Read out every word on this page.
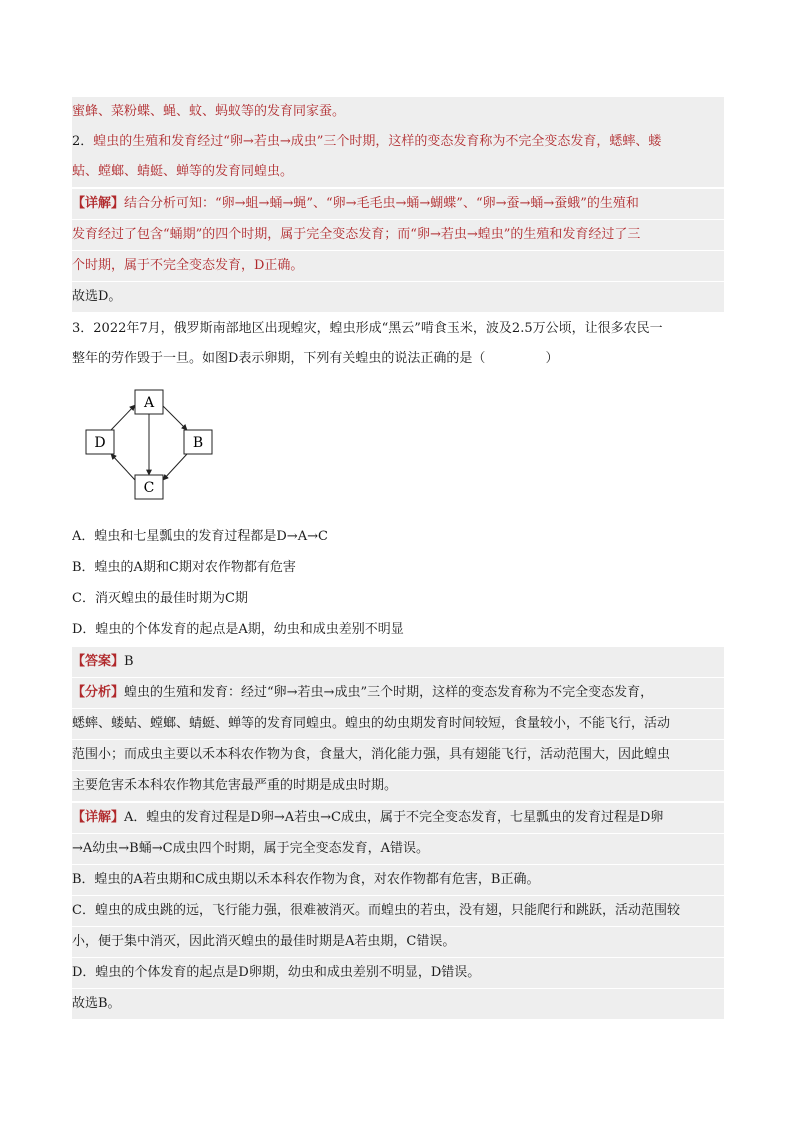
蜜蜂、菜粉蝶、蝇、蚊、蚂蚁等的发育同家蚕。
2．蝗虫的生殖和发育经过“卵→若虫→成虫”三个时期，这样的变态发育称为不完全变态发育，蟋蟀、蝼
蛄、螳螂、蜻蜓、蝉等的发育同蝗虫。
【详解】结合分析可知：“卵→蛆→蛹→蝇”、“卵→毛毛虫→蛹→蝴蝶”、“卵→蚕→蛹→蚕蛾”的生殖和
发育经过了包含“蛹期”的四个时期，属于完全变态发育；而“卵→若虫→蝗虫”的生殖和发育经过了三
个时期，属于不完全变态发育，D正确。
故选D。
3．2022年7月，俄罗斯南部地区出现蝗灾，蝗虫形成“黑云”啃食玉米，波及2.5万公顷，让很多农民一
整年的劳作毁于一旦。如图D表示卵期，下列有关蝗虫的说法正确的是（	）
A
B
C
D
A．蝗虫和七星瓢虫的发育过程都是D→A→C
B．蝗虫的A期和C期对农作物都有危害
C．消灭蝗虫的最佳时期为C期
D．蝗虫的个体发育的起点是A期，幼虫和成虫差别不明显
【答案】B
【分析】蝗虫的生殖和发育：经过“卵→若虫→成虫”三个时期，这样的变态发育称为不完全变态发育，
蟋蟀、蝼蛄、螳螂、蜻蜓、蝉等的发育同蝗虫。蝗虫的幼虫期发育时间较短，食量较小，不能飞行，活动
范围小；而成虫主要以禾本科农作物为食，食量大，消化能力强，具有翅能飞行，活动范围大，因此蝗虫
主要危害禾本科农作物其危害最严重的时期是成虫时期。
【详解】A．蝗虫的发育过程是D卵→A若虫→C成虫，属于不完全变态发育，七星瓢虫的发育过程是D卵
→A幼虫→B蛹→C成虫四个时期，属于完全变态发育，A错误。
B．蝗虫的A若虫期和C成虫期以禾本科农作物为食，对农作物都有危害，B正确。
C．蝗虫的成虫跳的远，飞行能力强，很难被消灭。而蝗虫的若虫，没有翅，只能爬行和跳跃，活动范围较
小，便于集中消灭，因此消灭蝗虫的最佳时期是A若虫期，C错误。
D．蝗虫的个体发育的起点是D卵期，幼虫和成虫差别不明显，D错误。
故选B。
